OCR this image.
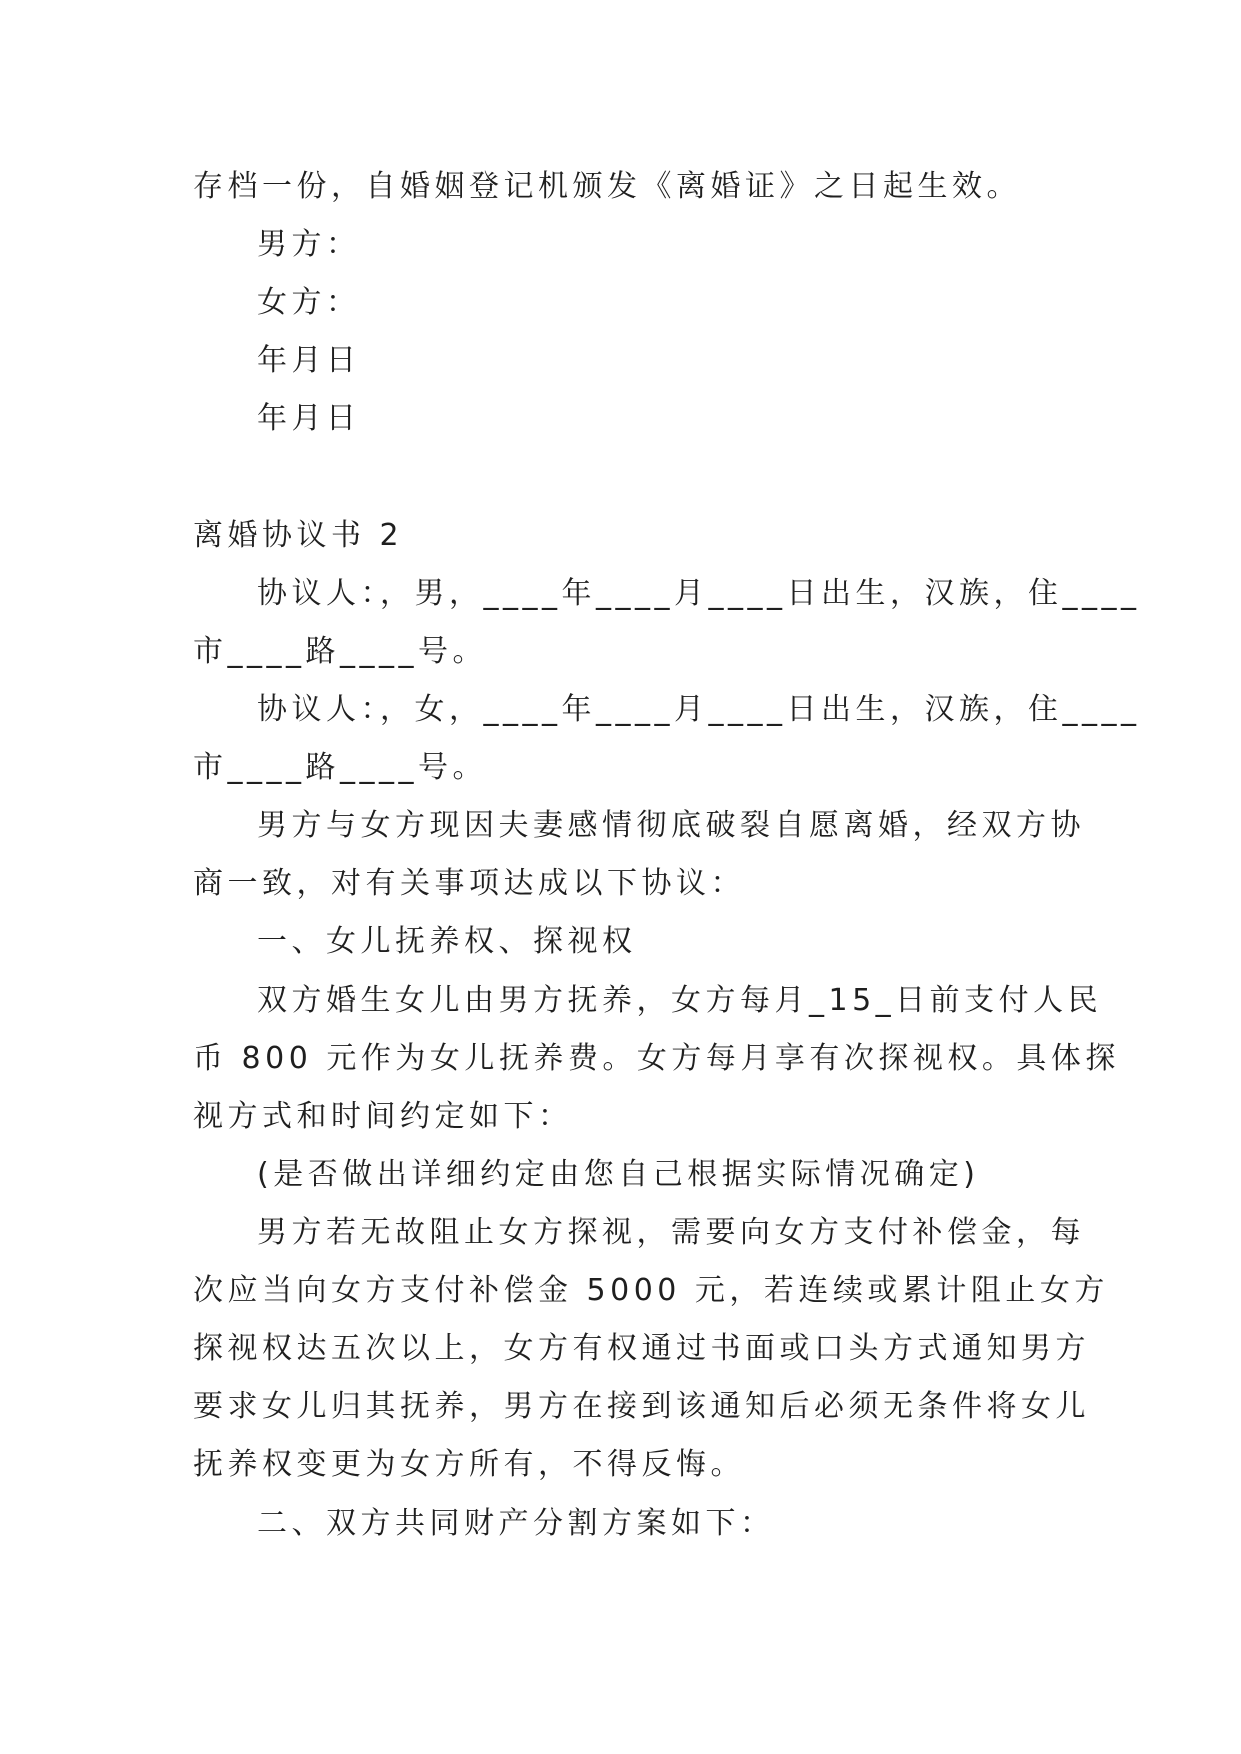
存档一份，自婚姻登记机颁发《离婚证》之日起生效。
男方：
女方：
年月日
年月日
离婚协议书 2
协议人：，男，____年____月____日出生，汉族，住____
市____路____号。
协议人：，女，____年____月____日出生，汉族，住____
市____路____号。
男方与女方现因夫妻感情彻底破裂自愿离婚，经双方协
商一致，对有关事项达成以下协议：
一、女儿抚养权、探视权
双方婚生女儿由男方抚养，女方每月_15_日前支付人民
币 800 元作为女儿抚养费。女方每月享有次探视权。具体探
视方式和时间约定如下：
(是否做出详细约定由您自己根据实际情况确定)
男方若无故阻止女方探视，需要向女方支付补偿金，每
次应当向女方支付补偿金 5000 元，若连续或累计阻止女方
探视权达五次以上，女方有权通过书面或口头方式通知男方
要求女儿归其抚养，男方在接到该通知后必须无条件将女儿
抚养权变更为女方所有，不得反悔。
二、双方共同财产分割方案如下：
